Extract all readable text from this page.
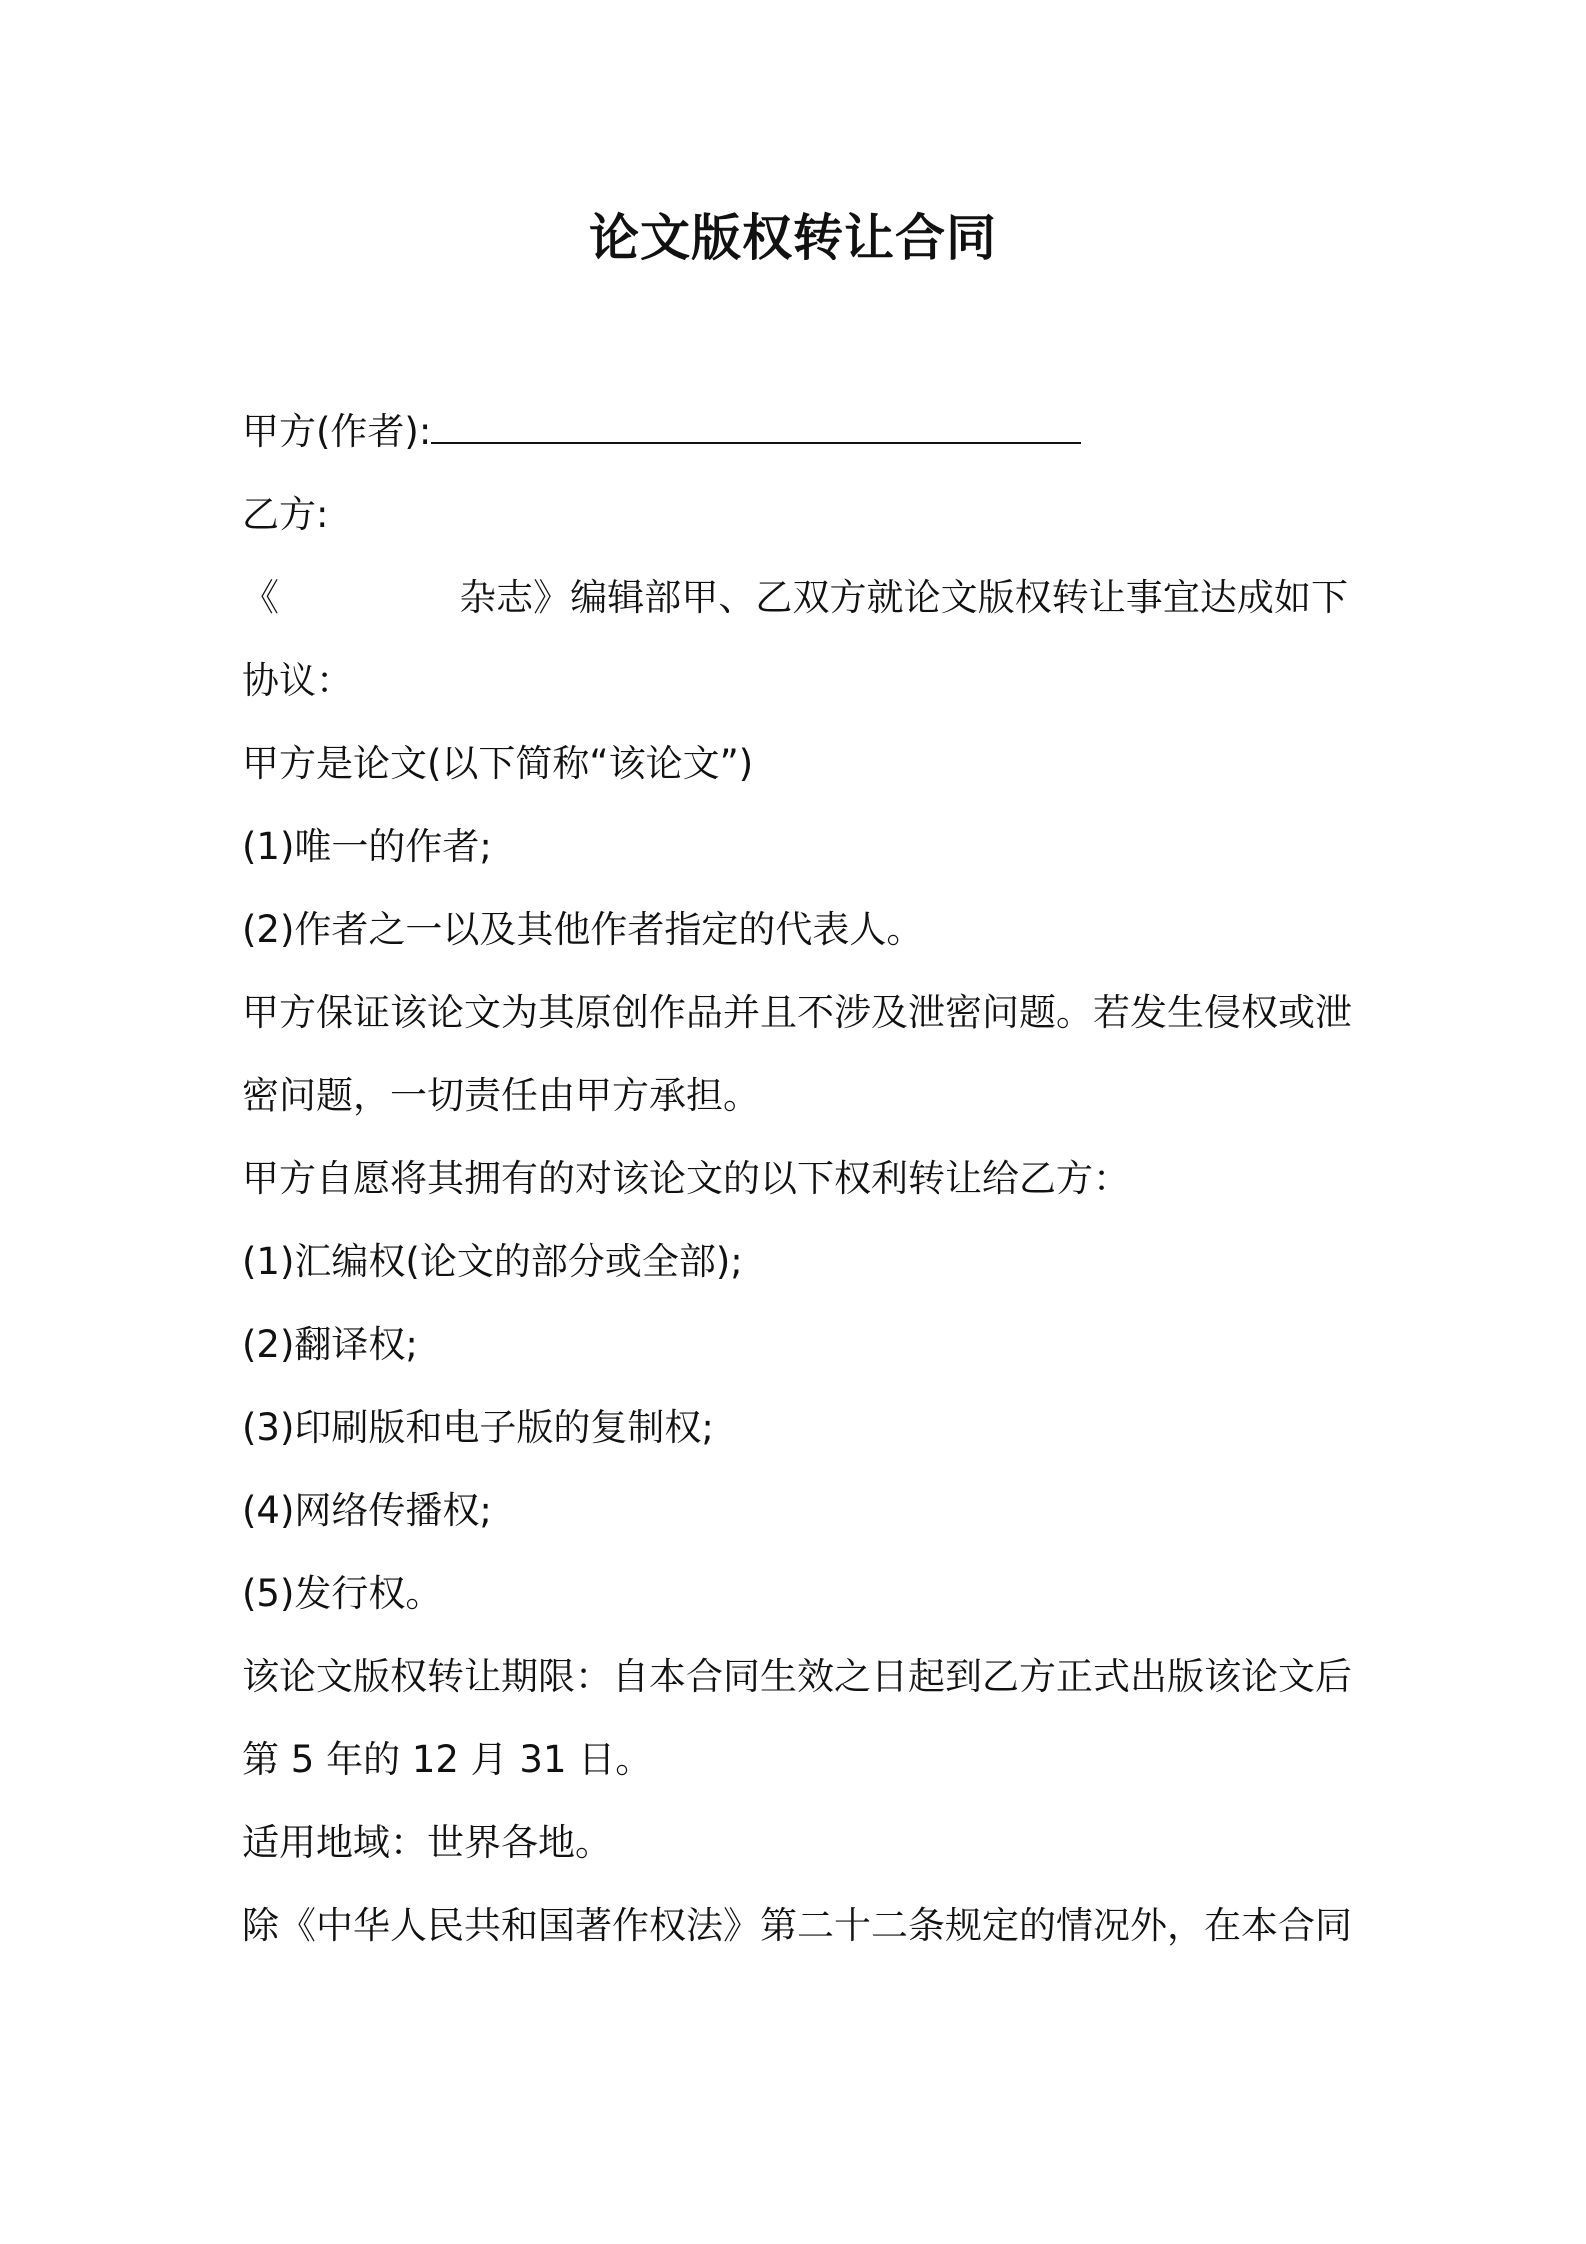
论文版权转让合同
甲方(作者):
乙方:
《	杂志》编辑部甲、乙双方就论文版权转让事宜达成如下
协议：
甲方是论文(以下简称“该论文”)
(1)唯一的作者;
(2)作者之一以及其他作者指定的代表人。
甲方保证该论文为其原创作品并且不涉及泄密问题。若发生侵权或泄
密问题，一切责任由甲方承担。
甲方自愿将其拥有的对该论文的以下权利转让给乙方：
(1)汇编权(论文的部分或全部);
(2)翻译权;
(3)印刷版和电子版的复制权;
(4)网络传播权;
(5)发行权。
该论文版权转让期限：自本合同生效之日起到乙方正式出版该论文后
第 5 年的 12 月 31 日。
适用地域：世界各地。
除《中华人民共和国著作权法》第二十二条规定的情况外，在本合同
